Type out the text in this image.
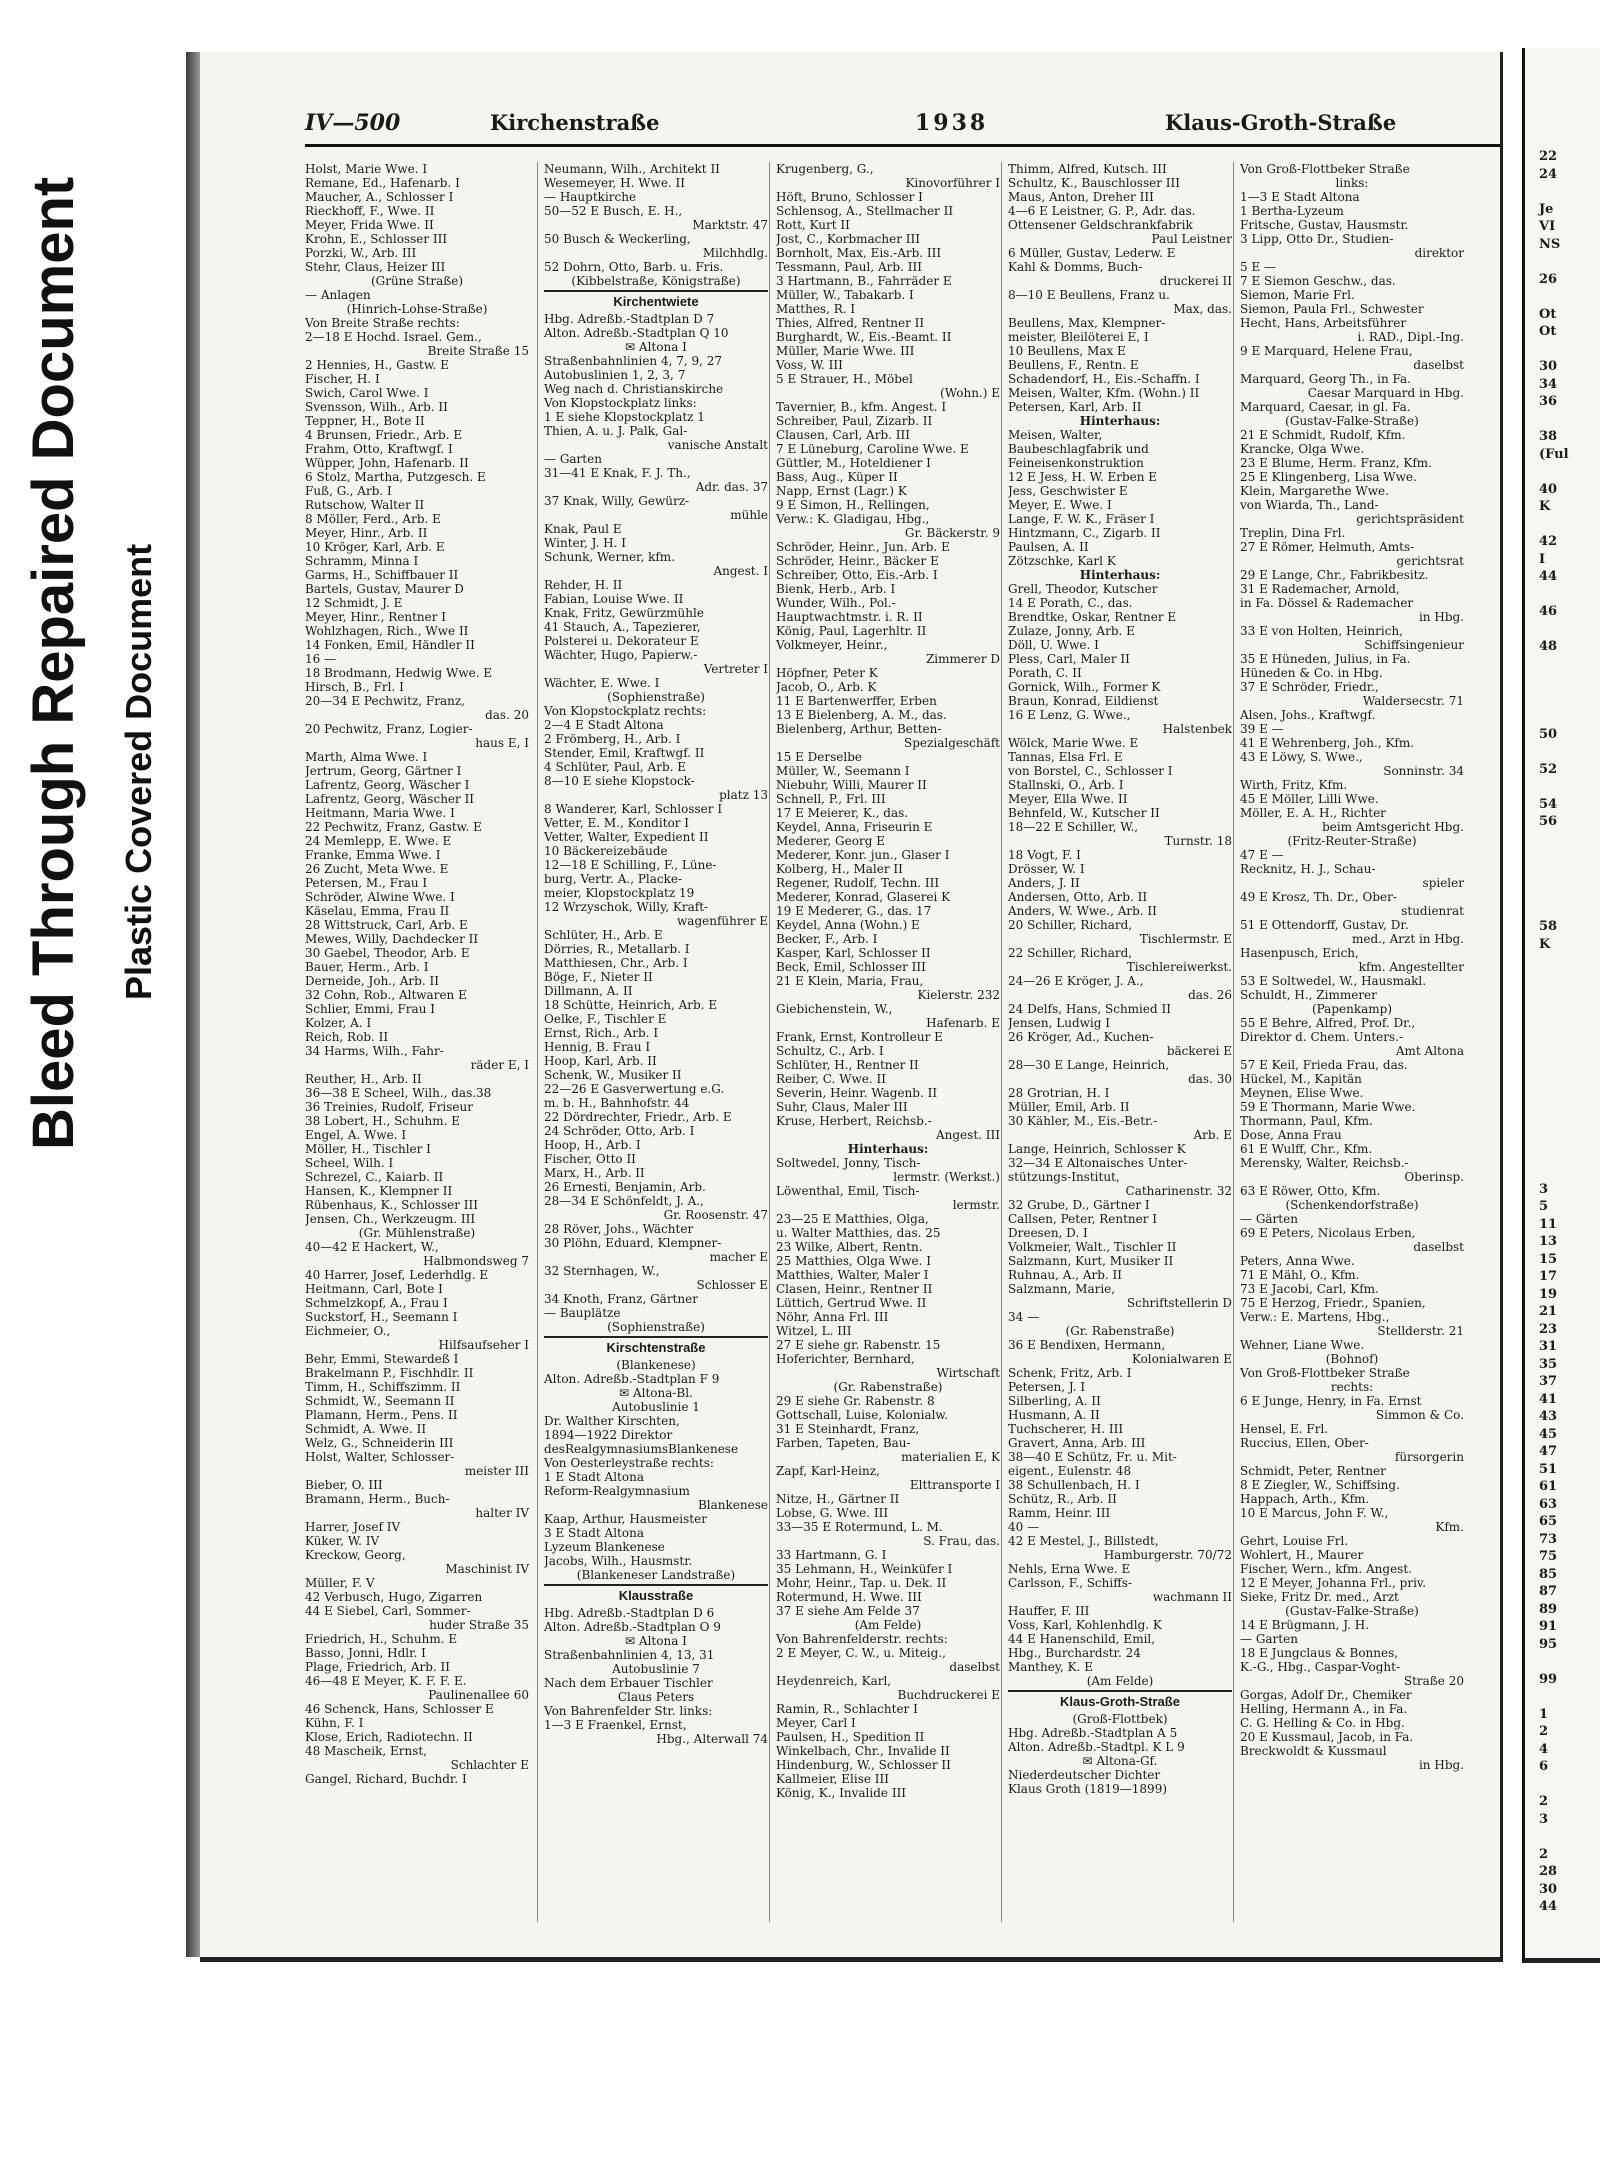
Bleed Through Repaired Document Plastic Covered Document
IV—500	Kirchenstraße	1938	Klaus-Groth-Straße
Holst, Marie Wwe. I
Remane, Ed., Hafenarb. I
Maucher, A., Schlosser I
Rieckhoff, F., Wwe. II
Meyer, Frida Wwe. II
Krohn, E., Schlosser III
Porzki, W., Arb. III
Stehr, Claus, Heizer III
(Grüne Straße)
— Anlagen
(Hinrich-Lohse-Straße)
Von Breite Straße rechts:
2—18 E Hochd. Israel. Gem.,
Breite Straße 15
2 Hennies, H., Gastw. E
Fischer, H. I
Swich, Carol Wwe. I
Svensson, Wilh., Arb. II
Teppner, H., Bote II
4 Brunsen, Friedr., Arb. E
Frahm, Otto, Kraftwgf. I
Wüpper, John, Hafenarb. II
6 Stolz, Martha, Putzgesch. E
Fuß, G., Arb. I
Rutschow, Walter II
8 Möller, Ferd., Arb. E
Meyer, Hinr., Arb. II
10 Kröger, Karl, Arb. E
Schramm, Minna I
Garms, H., Schiffbauer II
Bartels, Gustav, Maurer D
12 Schmidt, J. E
Meyer, Hinr., Rentner I
Wohlzhagen, Rich., Wwe II
14 Fonken, Emil, Händler II
16 —
18 Brodmann, Hedwig Wwe. E
Hirsch, B., Frl. I
20—34 E Pechwitz, Franz,
das. 20
20 Pechwitz, Franz, Logier-
haus E, I
Marth, Alma Wwe. I
Jertrum, Georg, Gärtner I
Lafrentz, Georg, Wäscher I
Lafrentz, Georg, Wäscher II
Heitmann, Maria Wwe. I
22 Pechwitz, Franz, Gastw. E
24 Memlepp, E. Wwe. E
Franke, Emma Wwe. I
26 Zucht, Meta Wwe. E
Petersen, M., Frau I
Schröder, Alwine Wwe. I
Käselau, Emma, Frau II
28 Wittstruck, Carl, Arb. E
Mewes, Willy, Dachdecker II
30 Gaebel, Theodor, Arb. E
Bauer, Herm., Arb. I
Derneide, Joh., Arb. II
32 Cohn, Rob., Altwaren E
Schlier, Emmi, Frau I
Kolzer, A. I
Reich, Rob. II
34 Harms, Wilh., Fahr-
räder E, I
Reuther, H., Arb. II
36—38 E Scheel, Wilh., das.38
36 Treinies, Rudolf, Friseur
38 Lobert, H., Schuhm. E
Engel, A. Wwe. I
Möller, H., Tischler I
Scheel, Wilh. I
Schrezel, C., Kaiarb. II
Hansen, K., Klempner II
Rübenhaus, K., Schlosser III
Jensen, Ch., Werkzeugm. III
(Gr. Mühlenstraße)
40—42 E Hackert, W.,
Halbmondsweg 7
40 Harrer, Josef, Lederhdlg. E
Heitmann, Carl, Bote I
Schmelzkopf, A., Frau I
Suckstorf, H., Seemann I
Eichmeier, O.,
Hilfsaufseher I
Behr, Emmi, Stewardeß I
Brakelmann P., Fischhdlr. II
Timm, H., Schiffszimm. II
Schmidt, W., Seemann II
Plamann, Herm., Pens. II
Schmidt, A. Wwe. II
Welz, G., Schneiderin III
Holst, Walter, Schlosser-
meister III
Bieber, O. III
Bramann, Herm., Buch-
halter IV
Harrer, Josef IV
Küker, W. IV
Kreckow, Georg,
Maschinist IV
Müller, F. V
42 Verbusch, Hugo, Zigarren
44 E Siebel, Carl, Sommer-
huder Straße 35
Friedrich, H., Schuhm. E
Basso, Jonni, Hdlr. I
Plage, Friedrich, Arb. II
46—48 E Meyer, K. F. F. E.
Paulinenallee 60
46 Schenck, Hans, Schlosser E
Kühn, F. I
Klose, Erich, Radiotechn. II
48 Mascheik, Ernst,
Schlachter E
Gangel, Richard, Buchdr. I
Neumann, Wilh., Architekt II
Wesemeyer, H. Wwe. II
— Hauptkirche
50—52 E Busch, E. H.,
Marktstr. 47
50 Busch & Weckerling,
Milchhdlg.
52 Dohrn, Otto, Barb. u. Fris.
(Kibbelstraße, Königstraße)
Kirchentwiete
Hbg. Adreßb.-Stadtplan D 7
Alton. Adreßb.-Stadtplan Q 10
✉ Altona I
Straßenbahnlinien 4, 7, 9, 27
Autobuslinien 1, 2, 3, 7
Weg nach d. Christianskirche
Von Klopstockplatz links:
1 E siehe Klopstockplatz 1
Thien, A. u. J. Palk, Gal-
vanische Anstalt
— Garten
31—41 E Knak, F. J. Th.,
Adr. das. 37
37 Knak, Willy, Gewürz-
mühle
Knak, Paul E
Winter, J. H. I
Schunk, Werner, kfm.
Angest. I
Rehder, H. II
Fabian, Louise Wwe. II
Knak, Fritz, Gewürzmühle
41 Stauch, A., Tapezierer,
Polsterei u. Dekorateur E
Wächter, Hugo, Papierw.-
Vertreter I
Wächter, E. Wwe. I
(Sophienstraße)
Von Klopstockplatz rechts:
2—4 E Stadt Altona
2 Frömberg, H., Arb. I
Stender, Emil, Kraftwgf. II
4 Schlüter, Paul, Arb. E
8—10 E siehe Klopstock-
platz 13
8 Wanderer, Karl, Schlosser I
Vetter, E. M., Konditor I
Vetter, Walter, Expedient II
10 Bäckereizebäude
12—18 E Schilling, F., Lüne-
burg, Vertr. A., Placke-
meier, Klopstockplatz 19
12 Wrzyschok, Willy, Kraft-
wagenführer E
Schlüter, H., Arb. E
Dörries, R., Metallarb. I
Matthiesen, Chr., Arb. I
Böge, F., Nieter II
Dillmann, A. II
18 Schütte, Heinrich, Arb. E
Oelke, F., Tischler E
Ernst, Rich., Arb. I
Hennig, B. Frau I
Hoop, Karl, Arb. II
Schenk, W., Musiker II
22—26 E Gasverwertung e.G.
m. b. H., Bahnhofstr. 44
22 Dördrechter, Friedr., Arb. E
24 Schröder, Otto, Arb. I
Hoop, H., Arb. I
Fischer, Otto II
Marx, H., Arb. II
26 Ernesti, Benjamin, Arb.
28—34 E Schönfeldt, J. A.,
Gr. Roosenstr. 47
28 Röver, Johs., Wächter
30 Plöhn, Eduard, Klempner-
macher E
32 Sternhagen, W.,
Schlosser E
34 Knoth, Franz, Gärtner
— Bauplätze
(Sophienstraße)
Kirschtenstraße
(Blankenese)
Alton. Adreßb.-Stadtplan F 9
✉ Altona-Bl.
Autobuslinie 1
Dr. Walther Kirschten,
1894—1922 Direktor
desRealgymnasiumsBlankenese
Von Oesterleystraße rechts:
1 E Stadt Altona
Reform-Realgymnasium
Blankenese
Kaap, Arthur, Hausmeister
3 E Stadt Altona
Lyzeum Blankenese
Jacobs, Wilh., Hausmstr.
(Blankeneser Landstraße)
Klausstraße
Hbg. Adreßb.-Stadtplan D 6
Alton. Adreßb.-Stadtplan O 9
✉ Altona I
Straßenbahnlinien 4, 13, 31
Autobuslinie 7
Nach dem Erbauer Tischler
Claus Peters
Von Bahrenfelder Str. links:
1—3 E Fraenkel, Ernst,
Hbg., Alterwall 74
Krugenberg, G.,
Kinovorführer I
Höft, Bruno, Schlosser I
Schlensog, A., Stellmacher II
Rott, Kurt II
Jost, C., Korbmacher III
Bornholt, Max, Eis.-Arb. III
Tessmann, Paul, Arb. III
3 Hartmann, B., Fahrräder E
Müller, W., Tabakarb. I
Matthes, R. I
Thies, Alfred, Rentner II
Burghardt, W., Eis.-Beamt. II
Müller, Marie Wwe. III
Voss, W. III
5 E Strauer, H., Möbel
(Wohn.) E
Tavernier, B., kfm. Angest. I
Schreiber, Paul, Zizarb. II
Clausen, Carl, Arb. III
7 E Lüneburg, Caroline Wwe. E
Güttler, M., Hoteldiener I
Bass, Aug., Küper II
Napp, Ernst (Lagr.) K
9 E Simon, H., Rellingen,
Verw.: K. Gladigau, Hbg.,
Gr. Bäckerstr. 9
Schröder, Heinr., Jun. Arb. E
Schröder, Heinr., Bäcker E
Schreiber, Otto, Eis.-Arb. I
Bienk, Herb., Arb. I
Wunder, Wilh., Pol.-
Hauptwachtmstr. i. R. II
König, Paul, Lagerhltr. II
Volkmeyer, Heinr.,
Zimmerer D
Höpfner, Peter K
Jacob, O., Arb. K
11 E Bartenwerffer, Erben
13 E Bielenberg, A. M., das.
Bielenberg, Arthur, Betten-
Spezialgeschäft
15 E Derselbe
Müller, W., Seemann I
Niebuhr, Willi, Maurer II
Schnell, P., Frl. III
17 E Meierer, K., das.
Keydel, Anna, Friseurin E
Mederer, Georg E
Mederer, Konr. jun., Glaser I
Kolberg, H., Maler II
Regener, Rudolf, Techn. III
Mederer, Konrad, Glaserei K
19 E Mederer, G., das. 17
Keydel, Anna (Wohn.) E
Becker, F., Arb. I
Kasper, Karl, Schlosser II
Beck, Emil, Schlosser III
21 E Klein, Maria, Frau,
Kielerstr. 232
Giebichenstein, W.,
Hafenarb. E
Frank, Ernst, Kontrolleur E
Schultz, C., Arb. I
Schlüter, H., Rentner II
Reiber, C. Wwe. II
Severin, Heinr. Wagenb. II
Suhr, Claus, Maler III
Kruse, Herbert, Reichsb.-
Angest. III
Hinterhaus:
Soltwedel, Jonny, Tisch-
lermstr. (Werkst.)
Löwenthal, Emil, Tisch-
lermstr.
23—25 E Matthies, Olga,
u. Walter Matthies, das. 25
23 Wilke, Albert, Rentn.
25 Matthies, Olga Wwe. I
Matthies, Walter, Maler I
Clasen, Heinr., Rentner II
Lüttich, Gertrud Wwe. II
Nöhr, Anna Frl. III
Witzel, L. III
27 E siehe gr. Rabenstr. 15
Hoferichter, Bernhard,
Wirtschaft
(Gr. Rabenstraße)
29 E siehe Gr. Rabenstr. 8
Gottschall, Luise, Kolonialw.
31 E Steinhardt, Franz,
Farben, Tapeten, Bau-
materialien E, K
Zapf, Karl-Heinz,
Elttransporte I
Nitze, H., Gärtner II
Lobse, G. Wwe. III
33—35 E Rotermund, L. M.
S. Frau, das.
33 Hartmann, G. I
35 Lehmann, H., Weinküfer I
Mohr, Heinr., Tap. u. Dek. II
Rotermund, H. Wwe. III
37 E siehe Am Felde 37
(Am Felde)
Von Bahrenfelderstr. rechts:
2 E Meyer, C. W., u. Miteig.,
daselbst
Heydenreich, Karl,
Buchdruckerei E
Ramin, R., Schlachter I
Meyer, Carl I
Paulsen, H., Spedition II
Winkelbach, Chr., Invalide II
Hindenburg, W., Schlosser II
Kallmeier, Elise III
König, K., Invalide III
Thimm, Alfred, Kutsch. III
Schultz, K., Bauschlosser III
Maus, Anton, Dreher III
4—6 E Leistner, G. P., Adr. das.
Ottensener Geldschrankfabrik
Paul Leistner
6 Müller, Gustav, Lederw. E
Kahl & Domms, Buch-
druckerei II
8—10 E Beullens, Franz u.
Max, das.
Beullens, Max, Klempner-
meister, Bleilöterei E, I
10 Beullens, Max E
Beullens, F., Rentn. E
Schadendorf, H., Eis.-Schaffn. I
Meisen, Walter, Kfm. (Wohn.) II
Petersen, Karl, Arb. II
Hinterhaus:
Meisen, Walter,
Baubeschlagfabrik und
Feineisenkonstruktion
12 E Jess, H. W. Erben E
Jess, Geschwister E
Meyer, E. Wwe. I
Lange, F. W. K., Fräser I
Hintzmann, C., Zigarb. II
Paulsen, A. II
Zötzschke, Karl K
Hinterhaus:
Grell, Theodor, Kutscher
14 E Porath, C., das.
Brendtke, Oskar, Rentner E
Zulaze, Jonny, Arb. E
Döll, U. Wwe. I
Pless, Carl, Maler II
Porath, C. II
Gornick, Wilh., Former K
Braun, Konrad, Eildienst
16 E Lenz, G. Wwe.,
Halstenbek
Wölck, Marie Wwe. E
Tannas, Elsa Frl. E
von Borstel, C., Schlosser I
Stallnski, O., Arb. I
Meyer, Ella Wwe. II
Behnfeld, W., Kutscher II
18—22 E Schiller, W.,
Turnstr. 18
18 Vogt, F. I
Drösser, W. I
Anders, J. II
Andersen, Otto, Arb. II
Anders, W. Wwe., Arb. II
20 Schiller, Richard,
Tischlermstr. E
22 Schiller, Richard,
Tischlereiwerkst.
24—26 E Kröger, J. A.,
das. 26
24 Delfs, Hans, Schmied II
Jensen, Ludwig I
26 Kröger, Ad., Kuchen-
bäckerei E
28—30 E Lange, Heinrich,
das. 30
28 Grotrian, H. I
Müller, Emil, Arb. II
30 Kähler, M., Eis.-Betr.-
Arb. E
Lange, Heinrich, Schlosser K
32—34 E Altonaisches Unter-
stützungs-Institut,
Catharinenstr. 32
32 Grube, D., Gärtner I
Callsen, Peter, Rentner I
Dreesen, D. I
Volkmeier, Walt., Tischler II
Salzmann, Kurt, Musiker II
Ruhnau, A., Arb. II
Salzmann, Marie,
Schriftstellerin D
34 —
(Gr. Rabenstraße)
36 E Bendixen, Hermann,
Kolonialwaren E
Schenk, Fritz, Arb. I
Petersen, J. I
Silberling, A. II
Husmann, A. II
Tuchscherer, H. III
Gravert, Anna, Arb. III
38—40 E Schütz, Fr. u. Mit-
eigent., Eulenstr. 48
38 Schullenbach, H. I
Schütz, R., Arb. II
Ramm, Heinr. III
40 —
42 E Mestel, J., Billstedt,
Hamburgerstr. 70/72
Nehls, Erna Wwe. E
Carlsson, F., Schiffs-
wachmann II
Hauffer, F. III
Voss, Karl, Kohlenhdlg. K
44 E Hanenschild, Emil,
Hbg., Burchardstr. 24
Manthey, K. E
(Am Felde)
Klaus-Groth-Straße
(Groß-Flottbek)
Hbg. Adreßb.-Stadtplan A 5
Alton. Adreßb.-Stadtpl. K L 9
✉ Altona-Gf.
Niederdeutscher Dichter
Klaus Groth (1819—1899)
Von Groß-Flottbeker Straße
links:
1—3 E Stadt Altona
1 Bertha-Lyzeum
Fritsche, Gustav, Hausmstr.
3 Lipp, Otto Dr., Studien-
direktor
5 E —
7 E Siemon Geschw., das.
Siemon, Marie Frl.
Siemon, Paula Frl., Schwester
Hecht, Hans, Arbeitsführer
i. RAD., Dipl.-Ing.
9 E Marquard, Helene Frau,
daselbst
Marquard, Georg Th., in Fa.
Caesar Marquard in Hbg.
Marquard, Caesar, in gl. Fa.
(Gustav-Falke-Straße)
21 E Schmidt, Rudolf, Kfm.
Krancke, Olga Wwe.
23 E Blume, Herm. Franz, Kfm.
25 E Klingenberg, Lisa Wwe.
Klein, Margarethe Wwe.
von Wiarda, Th., Land-
gerichtspräsident
Treplin, Dina Frl.
27 E Römer, Helmuth, Amts-
gerichtsrat
29 E Lange, Chr., Fabrikbesitz.
31 E Rademacher, Arnold,
in Fa. Dössel & Rademacher
in Hbg.
33 E von Holten, Heinrich,
Schiffsingenieur
35 E Hüneden, Julius, in Fa.
Hüneden & Co. in Hbg.
37 E Schröder, Friedr.,
Waldersecstr. 71
Alsen, Johs., Kraftwgf.
39 E —
41 E Wehrenberg, Joh., Kfm.
43 E Löwy, S. Wwe.,
Sonninstr. 34
Wirth, Fritz, Kfm.
45 E Möller, Lilli Wwe.
Möller, E. A. H., Richter
beim Amtsgericht Hbg.
(Fritz-Reuter-Straße)
47 E —
Recknitz, H. J., Schau-
spieler
49 E Krosz, Th. Dr., Ober-
studienrat
51 E Ottendorff, Gustav, Dr.
med., Arzt in Hbg.
Hasenpusch, Erich,
kfm. Angestellter
53 E Soltwedel, W., Hausmakl.
Schuldt, H., Zimmerer
(Papenkamp)
55 E Behre, Alfred, Prof. Dr.,
Direktor d. Chem. Unters.-
Amt Altona
57 E Keil, Frieda Frau, das.
Hückel, M., Kapitän
Meynen, Elise Wwe.
59 E Thormann, Marie Wwe.
Thormann, Paul, Kfm.
Dose, Anna Frau
61 E Wulff, Chr., Kfm.
Merensky, Walter, Reichsb.-
Oberinsp.
63 E Röwer, Otto, Kfm.
(Schenkendorfstraße)
— Gärten
69 E Peters, Nicolaus Erben,
daselbst
Peters, Anna Wwe.
71 E Mähl, O., Kfm.
73 E Jacobi, Carl, Kfm.
75 E Herzog, Friedr., Spanien,
Verw.: E. Martens, Hbg.,
Stellderstr. 21
Wehner, Liane Wwe.
(Bohnof)
Von Groß-Flottbeker Straße
rechts:
6 E Junge, Henry, in Fa. Ernst
Simmon & Co.
Hensel, E. Frl.
Ruccius, Ellen, Ober-
fürsorgerin
Schmidt, Peter, Rentner
8 E Ziegler, W., Schiffsing.
Happach, Arth., Kfm.
10 E Marcus, John F. W.,
Kfm.
Gehrt, Louise Frl.
Wohlert, H., Maurer
Fischer, Wern., kfm. Angest.
12 E Meyer, Johanna Frl., priv.
Sieke, Fritz Dr. med., Arzt
(Gustav-Falke-Straße)
14 E Brügmann, J. H.
— Garten
18 E Jungclaus & Bonnes,
K.-G., Hbg., Caspar-Voght-
Straße 20
Gorgas, Adolf Dr., Chemiker
Helling, Hermann A., in Fa.
C. G. Helling & Co. in Hbg.
20 E Kussmaul, Jacob, in Fa.
Breckwoldt & Kussmaul
in Hbg.
22
24
Je
VI
NS
26
Ot
Ot
30
34
36
38
(Ful
40
K
42
I
44
46
48
50
52
54
56
58
K
3
5
11
13
15
17
19
21
23
31
35
37
41
43
45
47
51
61
63
65
73
75
85
87
89
91
95
99
1
2
4
6
2
3
2
28
30
44
